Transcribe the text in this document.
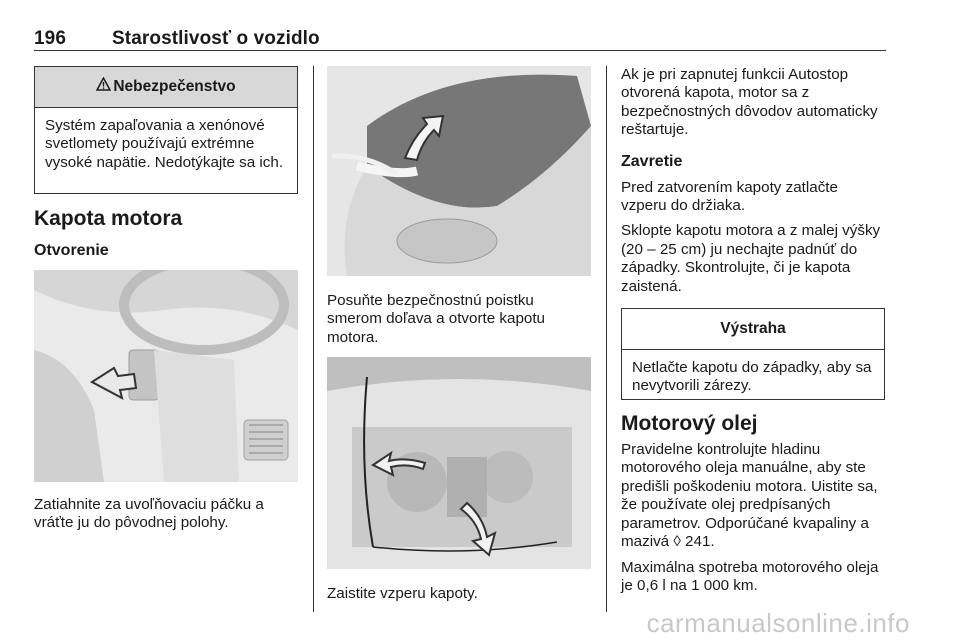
196 Starostlivosť o vozidlo
Nebezpečenstvo

Systém zapaľovania a xenónové svetlomety používajú extrémne vysoké napätie. Nedotýkajte sa ich.

Kapota motora
Otvorenie

Zatiahnite za uvoľňovaciu páčku a vráťte ju do pôvodnej polohy.

Posuňte bezpečnostnú poistku smerom doľava a otvorte kapotu motora.

Zaistite vzperu kapoty.

Ak je pri zapnutej funkcii Autostop otvorená kapota, motor sa z bezpečnostných dôvodov automaticky reštartuje.

Zavretie

Pred zatvorením kapoty zatlačte vzperu do držiaka.

Sklopte kapotu motora a z malej výšky (20 – 25 cm) ju nechajte padnúť do západky. Skontrolujte, či je kapota zaistená.

Výstraha

Netlačte kapotu do západky, aby sa nevytvorili zárezy.

Motorový olej

Pravidelne kontrolujte hladinu motorového oleja manuálne, aby ste predišli poškodeniu motora. Uistite sa, že používate olej predpísaných parametrov. Odporúčané kvapaliny a mazivá ◊ 241.

Maximálna spotreba motorového oleja je 0,6 l na 1 000 km.

carmanualsonline.info
